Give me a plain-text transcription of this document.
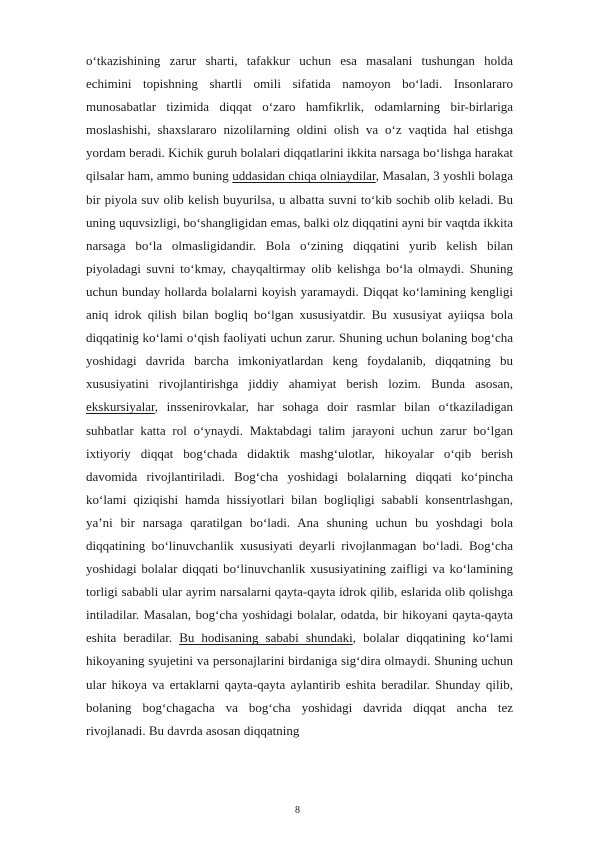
o‘tkazishining zarur sharti, tafakkur uchun esa masalani tushungan holda echimini topishning shartli omili sifatida namoyon bo‘ladi. Insonlararo munosabatlar tizimida diqqat o‘zaro hamfikrlik, odamlarning bir-birlariga moslashishi, shaxslararo nizolilarning oldini olish va o‘z vaqtida hal etishga yordam beradi. Kichik guruh bolalari diqqatlarini ikkita narsaga bo‘lishga harakat qilsalar ham, ammo buning uddasidan chiqa olniaydilar, Masalan, 3 yoshli bolaga bir piyola suv olib kelish buyurilsa, u albatta suvni to‘kib sochib olib keladi. Bu uning uquvsizligi, bo‘shangligidan emas, balki olz diqqatini ayni bir vaqtda ikkita narsaga bo‘la olmasligidandir. Bola o‘zining diqqatini yurib kelish bilan piyoladagi suvni to‘kmay, chayqaltirmay olib kelishga bo‘la olmaydi. Shuning uchun bunday hollarda bolalarni koyish yaramaydi. Diqqat ko‘lamining kengligi aniq idrok qilish bilan bogliq bo‘lgan xususiyatdir. Bu xususiyat ayiiqsa bola diqqatinig ko‘lami o‘qish faoliyati uchun zarur. Shuning uchun bolaning bog‘cha yoshidagi davrida barcha imkoniyatlardan keng foydalanib, diqqatning bu xususiyatini rivojlantirishga jiddiy ahamiyat berish lozim. Bunda asosan, ekskursiyalar, inssenirovkalar, har sohaga doir rasmlar bilan o‘tkaziladigan suhbatlar katta rol o‘ynaydi. Maktabdagi talim jarayoni uchun zarur bo‘lgan ixtiyoriy diqqat bog‘chada didaktik mashg‘ulotlar, hikoyalar o‘qib berish davomida rivojlantiriladi. Bog‘cha yoshidagi bolalarning diqqati ko‘pincha ko‘lami qiziqishi hamda hissiyotlari bilan bogliqligi sababli konsentrlashgan, ya’ni bir narsaga qaratilgan bo‘ladi. Ana shuning uchun bu yoshdagi bola diqqatining bo‘linuvchanlik xususiyati deyarli rivojlanmagan bo‘ladi. Bog‘cha yoshidagi bolalar diqqati bo‘linuvchanlik xususiyatining zaifligi va ko‘lamining torligi sababli ular ayrim narsalarni qayta-qayta idrok qilib, eslarida olib qolishga intiladilar. Masalan, bog‘cha yoshidagi bolalar, odatda, bir hikoyani qayta-qayta eshita beradilar. Bu hodisaning sababi shundaki, bolalar diqqatining ko‘lami hikoyaning syujetini va personajlarini birdaniga sig‘dira olmaydi. Shuning uchun ular hikoya va ertaklarni qayta-qayta aylantirib eshita beradilar. Shunday qilib, bolaning bog‘chagacha va bog‘cha yoshidagi davrida diqqat ancha tez rivojlanadi. Bu davrda asosan diqqatning

8
